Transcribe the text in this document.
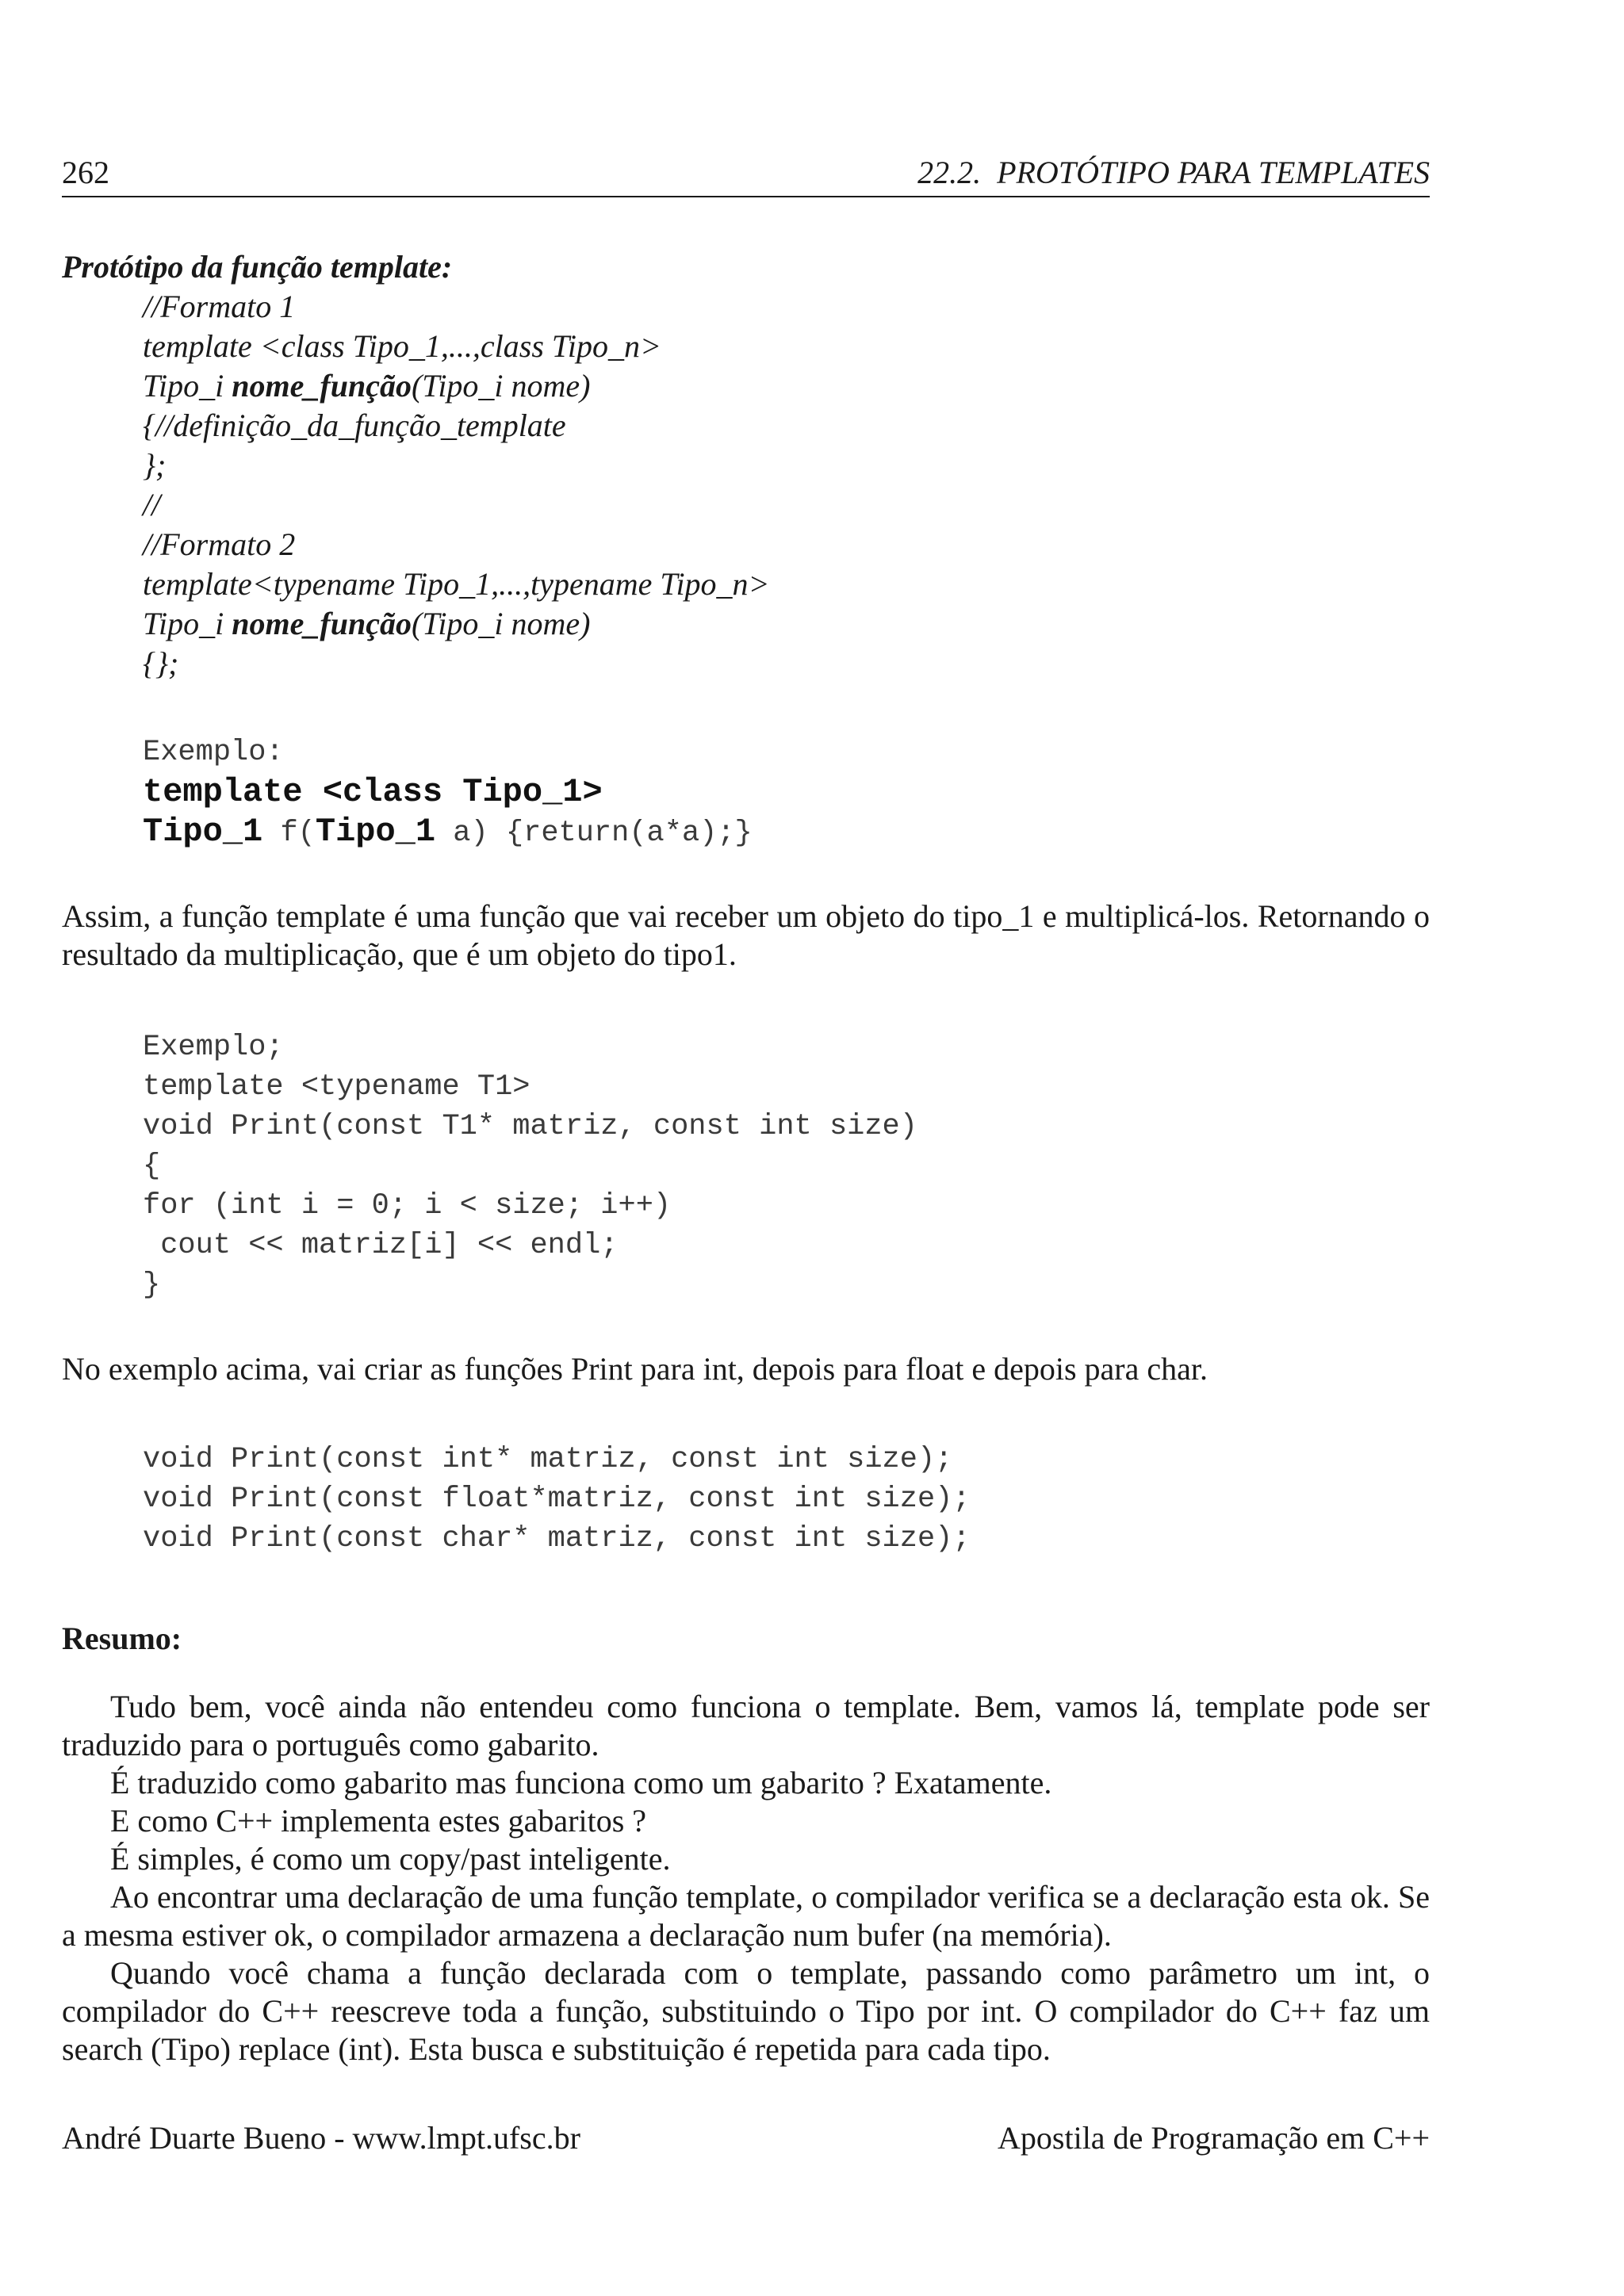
262	22.2.  PROTÓTIPO PARA TEMPLATES
Protótipo da função template:
//Formato 1
template <class Tipo_1,...,class Tipo_n>
Tipo_i nome_função(Tipo_i nome)
{//definição_da_função_template
};
//
//Formato 2
template<typename Tipo_1,...,typename Tipo_n>
Tipo_i nome_função(Tipo_i nome)
{};
Exemplo:
template <class Tipo_1>
Tipo_1 f(Tipo_1 a) {return(a*a);}
Assim, a função template é uma função que vai receber um objeto do tipo_1 e multiplicá-los. Retornando o resultado da multiplicação, que é um objeto do tipo1.
Exemplo;
template <typename T1>
void Print(const T1* matriz, const int size)
{
for (int i = 0; i < size; i++)
cout << matriz[i] << endl;
}
No exemplo acima, vai criar as funções Print para int, depois para float e depois para char.
void Print(const int* matriz, const int size);
void Print(const float*matriz, const int size);
void Print(const char* matriz, const int size);
Resumo:
Tudo bem, você ainda não entendeu como funciona o template. Bem, vamos lá, template pode ser traduzido para o português como gabarito.
É traduzido como gabarito mas funciona como um gabarito ? Exatamente.
E como C++ implementa estes gabaritos ?
É simples, é como um copy/past inteligente.
Ao encontrar uma declaração de uma função template, o compilador verifica se a declaração esta ok. Se a mesma estiver ok, o compilador armazena a declaração num bufer (na memória).
Quando você chama a função declarada com o template, passando como parâmetro um int, o compilador do C++ reescreve toda a função, substituindo o Tipo por int. O compilador do C++ faz um search (Tipo) replace (int). Esta busca e substituição é repetida para cada tipo.
André Duarte Bueno - www.lmpt.ufsc.br	Apostila de Programação em C++
